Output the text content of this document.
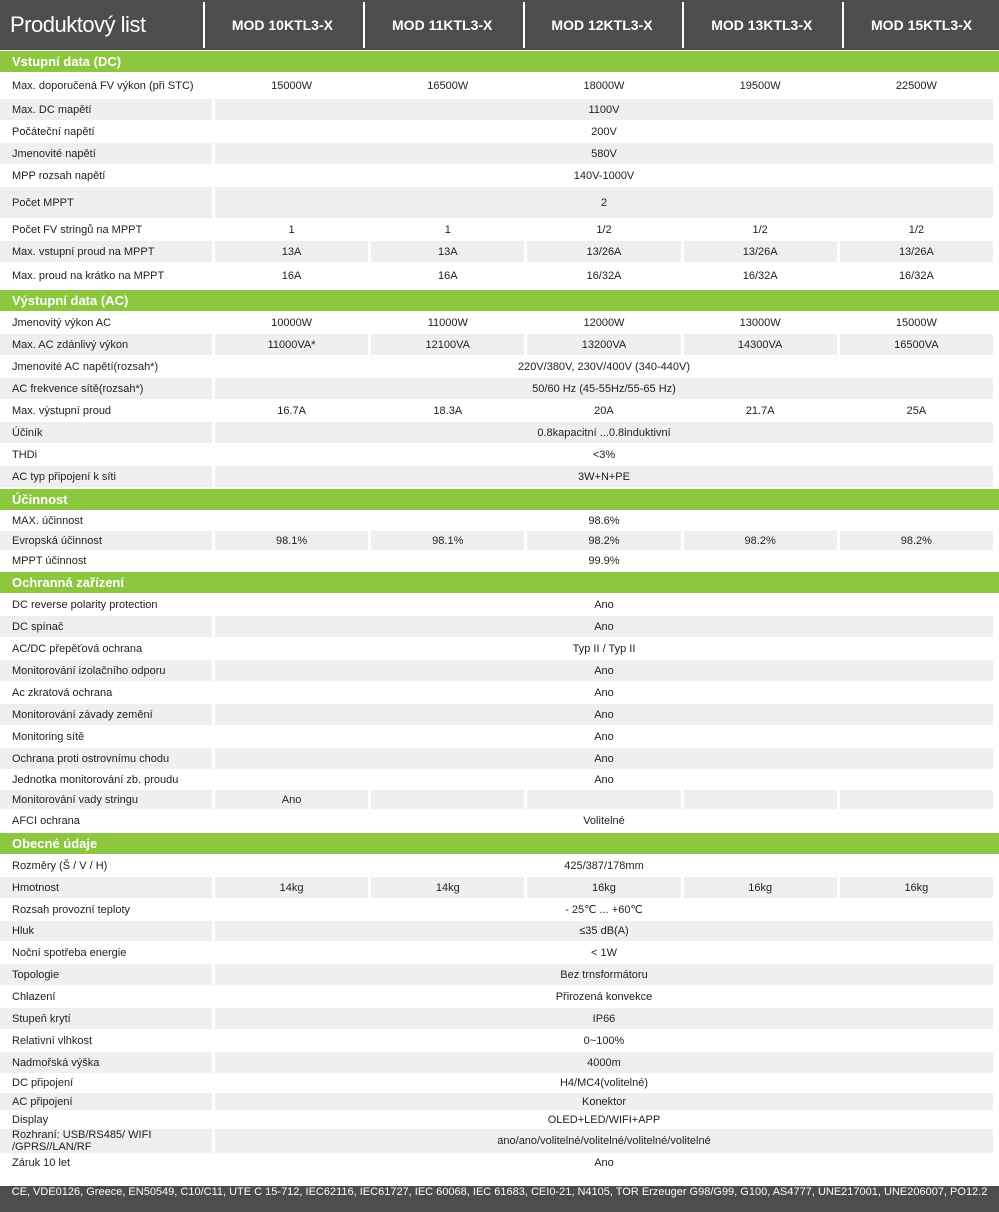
Produktový list	MOD 10KTL3-X	MOD 11KTL3-X	MOD 12KTL3-X	MOD 13KTL3-X	MOD 15KTL3-X
Vstupní data (DC)
Max. doporučená FV výkon (při STC)	15000W	16500W	18000W	19500W	22500W
Max. DC mapětí	1100V				
Počáteční napětí	200V				
Jmenovité napětí	580V				
MPP rozsah napětí	140V-1000V				
Počet MPPT	2				
Počet FV stringů na MPPT	1	1	1/2	1/2	1/2
Max. vstupní proud na MPPT	13A	13A	13/26A	13/26A	13/26A
Max. proud na krátko na MPPT	16A	16A	16/32A	16/32A	16/32A
Výstupní data (AC)
Jmenovitý výkon AC	10000W	11000W	12000W	13000W	15000W
Max. AC zdánlivý výkon	11000VA*	12100VA	13200VA	14300VA	16500VA
Jmenovité AC napětí(rozsah*)	220V/380V, 230V/400V (340-440V)				
AC frekvence sítě(rozsah*)	50/60 Hz (45-55Hz/55-65 Hz)				
Max. výstupní proud	16.7A	18.3A	20A	21.7A	25A
Účiník	0.8kapacitní ...0.8induktivní				
THDi	<3%				
AC typ připojení k síti	3W+N+PE				
Účinnost
MAX. účinnost	98.6%				
Evropská účinnost	98.1%	98.1%	98.2%	98.2%	98.2%
MPPT účinnost	99.9%				
Ochranná zařízení
DC reverse polarity protection	Ano				
DC spínač	Ano				
AC/DC přepěťová ochrana	Typ II / Typ II				
Monitorování izolačního odporu	Ano				
Ac zkratová ochrana	Ano				
Monitorování závady zemění	Ano				
Monitoring sítě	Ano				
Ochrana proti ostrovnímu chodu	Ano				
Jednotka monitorování zb. proudu	Ano				
Monitorování vady stringu	Ano				
AFCI ochrana	Volitelné				
Obecné údaje
Rozměry (Š / V / H)	425/387/178mm				
Hmotnost	14kg	14kg	16kg	16kg	16kg
Rozsah provozní teploty	- 25℃ ... +60℃				
Hluk	≤35 dB(A)				
Noční spotřeba energie	< 1W				
Topologie	Bez trnsformátoru				
Chlazení	Přirozená konvekce				
Stupeň krytí	IP66				
Relativní vlhkost	0~100%				
Nadmořská výška	4000m				
DC připojení	H4/MC4(volitelné)				
AC připojení	Konektor				
Display	OLED+LED/WIFI+APP				
Rozhraní: USB/RS485/ WIFI /GPRS//LAN/RF	ano/ano/volitelné/volitelné/volitelné/volitelné				
Záruk 10 let	Ano				
CE, VDE0126, Greece, EN50549, C10/C11, UTE C 15-712, IEC62116, IEC61727, IEC 60068, IEC 61683, CEI0-21, N4105, TOR Erzeuger G98/G99, G100, AS4777, UNE217001, UNE206007, PO12.2
